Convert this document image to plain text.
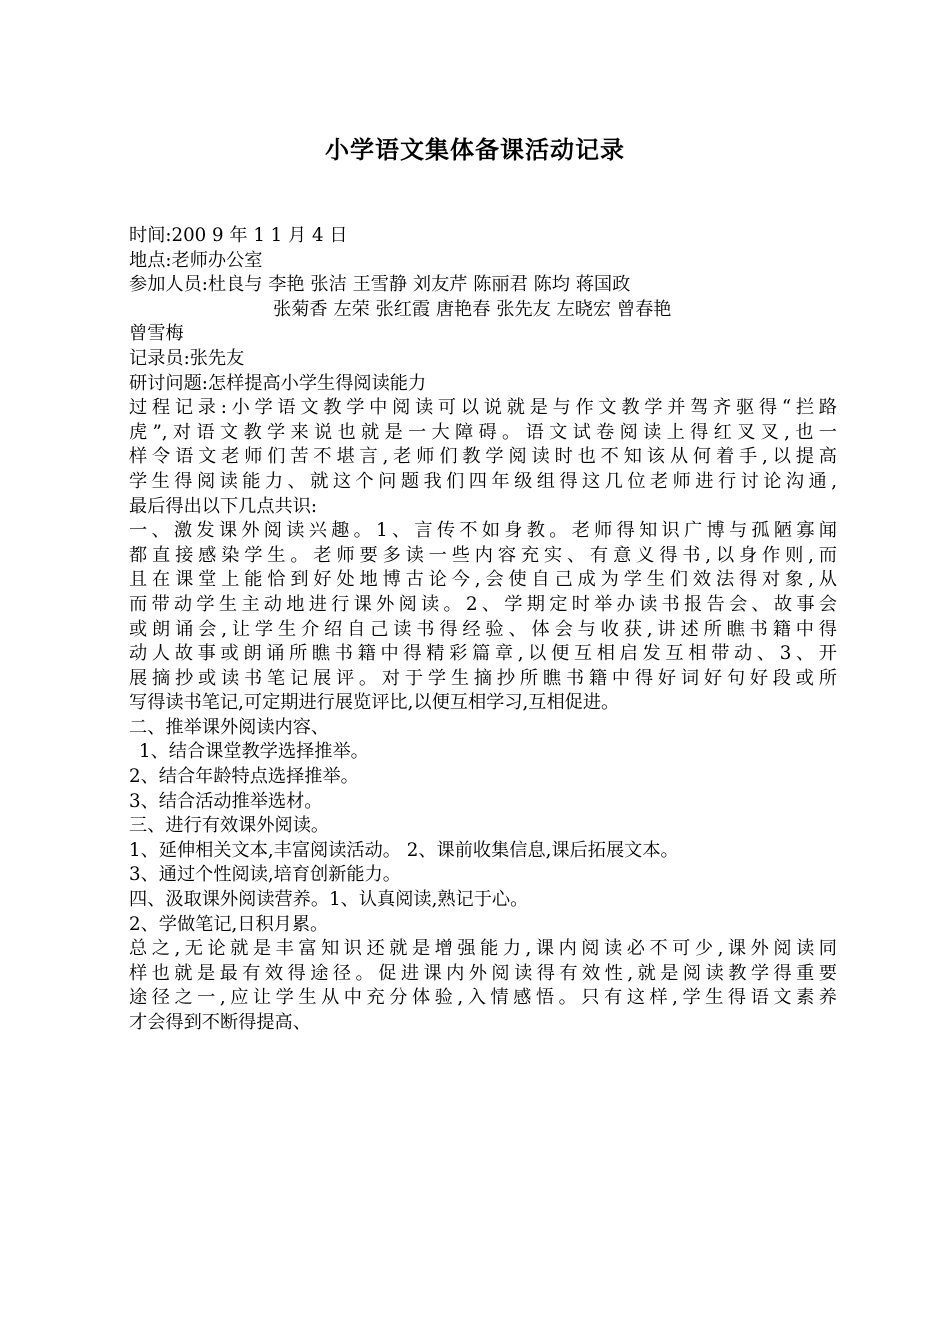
小学语文集体备课活动记录
时间:200 9 年 1 1 月 4 日
地点:老师办公室
参加人员:杜良与 李艳 张洁 王雪静 刘友芹 陈丽君 陈均 蒋国政
张菊香 左荣 张红霞 唐艳春 张先友 左晓宏 曾春艳
曾雪梅
记录员:张先友
研讨问题:怎样提高小学生得阅读能力
过程记录:小学语文教学中阅读可以说就是与作文教学并驾齐驱得“拦路
虎”,对语文教学来说也就是一大障碍。语文试卷阅读上得红叉叉,也一
样令语文老师们苦不堪言,老师们教学阅读时也不知该从何着手,以提高
学生得阅读能力、就这个问题我们四年级组得这几位老师进行讨论沟通,
最后得出以下几点共识:
一、激发课外阅读兴趣。1、言传不如身教。老师得知识广博与孤陋寡闻
都直接感染学生。老师要多读一些内容充实、有意义得书,以身作则,而
且在课堂上能恰到好处地博古论今,会使自己成为学生们效法得对象,从
而带动学生主动地进行课外阅读。2、学期定时举办读书报告会、故事会
或朗诵会,让学生介绍自己读书得经验、体会与收获,讲述所瞧书籍中得
动人故事或朗诵所瞧书籍中得精彩篇章,以便互相启发互相带动、3、开
展摘抄或读书笔记展评。对于学生摘抄所瞧书籍中得好词好句好段或所
写得读书笔记,可定期进行展览评比,以便互相学习,互相促进。
二、推举课外阅读内容、
1、结合课堂教学选择推举。
2、结合年龄特点选择推举。
3、结合活动推举选材。
三、进行有效课外阅读。
1、延伸相关文本,丰富阅读活动。 2、课前收集信息,课后拓展文本。
3、通过个性阅读,培育创新能力。
四、汲取课外阅读营养。1、认真阅读,熟记于心。
2、学做笔记,日积月累。
总之,无论就是丰富知识还就是增强能力,课内阅读必不可少,课外阅读同
样也就是最有效得途径。促进课内外阅读得有效性,就是阅读教学得重要
途径之一,应让学生从中充分体验,入情感悟。只有这样,学生得语文素养
才会得到不断得提高、
